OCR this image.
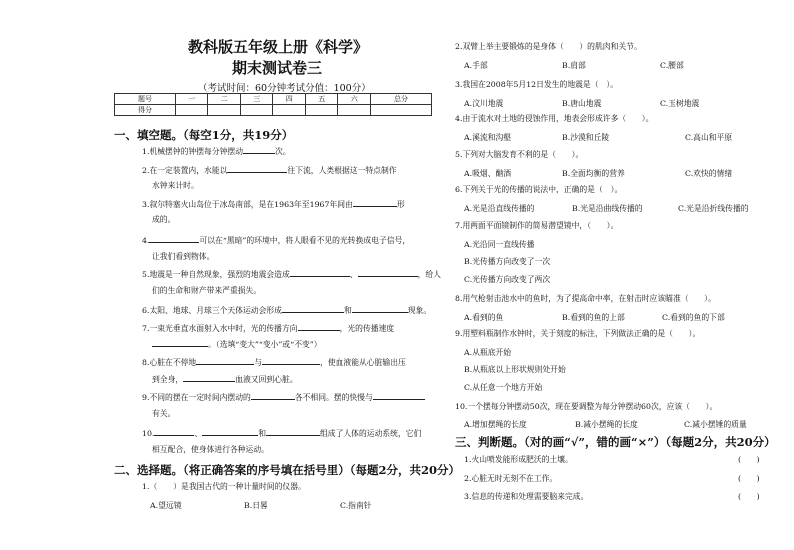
教科版五年级上册《科学》
期末测试卷三
（考试时间：60分钟考试分值：100分）
题号	一	二	三	四	五	六	总分
得分							
一、填空题。（每空1分，共19分）
1.机械摆钟的钟摆每分钟摆动	次。
2.在一定装置内，水能以	往下流，人类根据这一特点制作
水钟来计时。
3.叙尔特塞火山岛位于冰岛南部，是在1963年至1967年间由	形
成的。
4.	可以在“黑暗”的环境中，将人眼看不见的光转换成电子信号，
让我们看到物体。
5.地震是一种自然现象，强烈的地震会造成	、	，给人
们的生命和财产带来严重损失。
6.太阳、地球、月球三个天体运动会形成	和	现象。
7.一束光垂直水面射入水中时，光的传播方向	，光的传播速度
。（选填“变大”“变小”或“不变”）
8.心脏在不停地	与	，使血液能从心脏输出压
到全身，	血液又回到心脏。
9.不同的摆在一定时间内摆动的	各不相同。摆的快慢与
有关。
10.	、	和	组成了人体的运动系统，它们
相互配合，使身体进行各种运动。
二、选择题。（将正确答案的序号填在括号里）（每题2分，共20分）
1.（ ）是我国古代的一种计量时间的仪器。
A.望远镜	B.日晷	C.指南针
2.双臂上举主要锻炼的是身体（　　）的肌肉和关节。
A.手部	B.肩部	C.腰部
3.我国在2008年5月12日发生的地震是（　）。
A.汶川地震	B.唐山地震	C.玉树地震
4.由于流水对土地的侵蚀作用，地表会形成许多（　　）。
A.溪流和沟壑	B.沙漠和丘陵	C.高山和平原
5.下列对大脑发育不利的是（　　）。
A.吸烟、酗酒	B.全面均衡的营养	C.欢快的情绪
6.下列关于光的传播的说法中，正确的是（　）。
A.光是沿直线传播的	B.光是沿曲线传播的	C.光是沿折线传播的
7.用两面平面镜制作的简易潜望镜中，（　　）。
A.光沿同一直线传播
B.光传播方向改变了一次
C.光传播方向改变了两次
8.用气枪射击池水中的鱼时，为了提高命中率，在射击时应该瞄准（　　）。
A.看到的鱼	B.看到的鱼的上部	C.看到的鱼的下部
9.用塑料瓶制作水钟时，关于刻度的标注，下列做法正确的是（　　）。
A.从瓶底开始
B.从瓶底以上形状规则处开始
C.从任意一个地方开始
10.一个摆每分钟摆动50次，现在要调整为每分钟摆动60次，应该（　　）。
A.增加摆绳的长度	B.减小摆绳的长度	C.减小摆锤的质量
三、判断题。（对的画“√”，错的画“×”）（每题2分，共20分）
1.火山喷发能形成肥沃的土壤。	(　　)
2.心脏无时无刻不在工作。	(　　)
3.信息的传递和处理需要脑来完成。	(　　)
